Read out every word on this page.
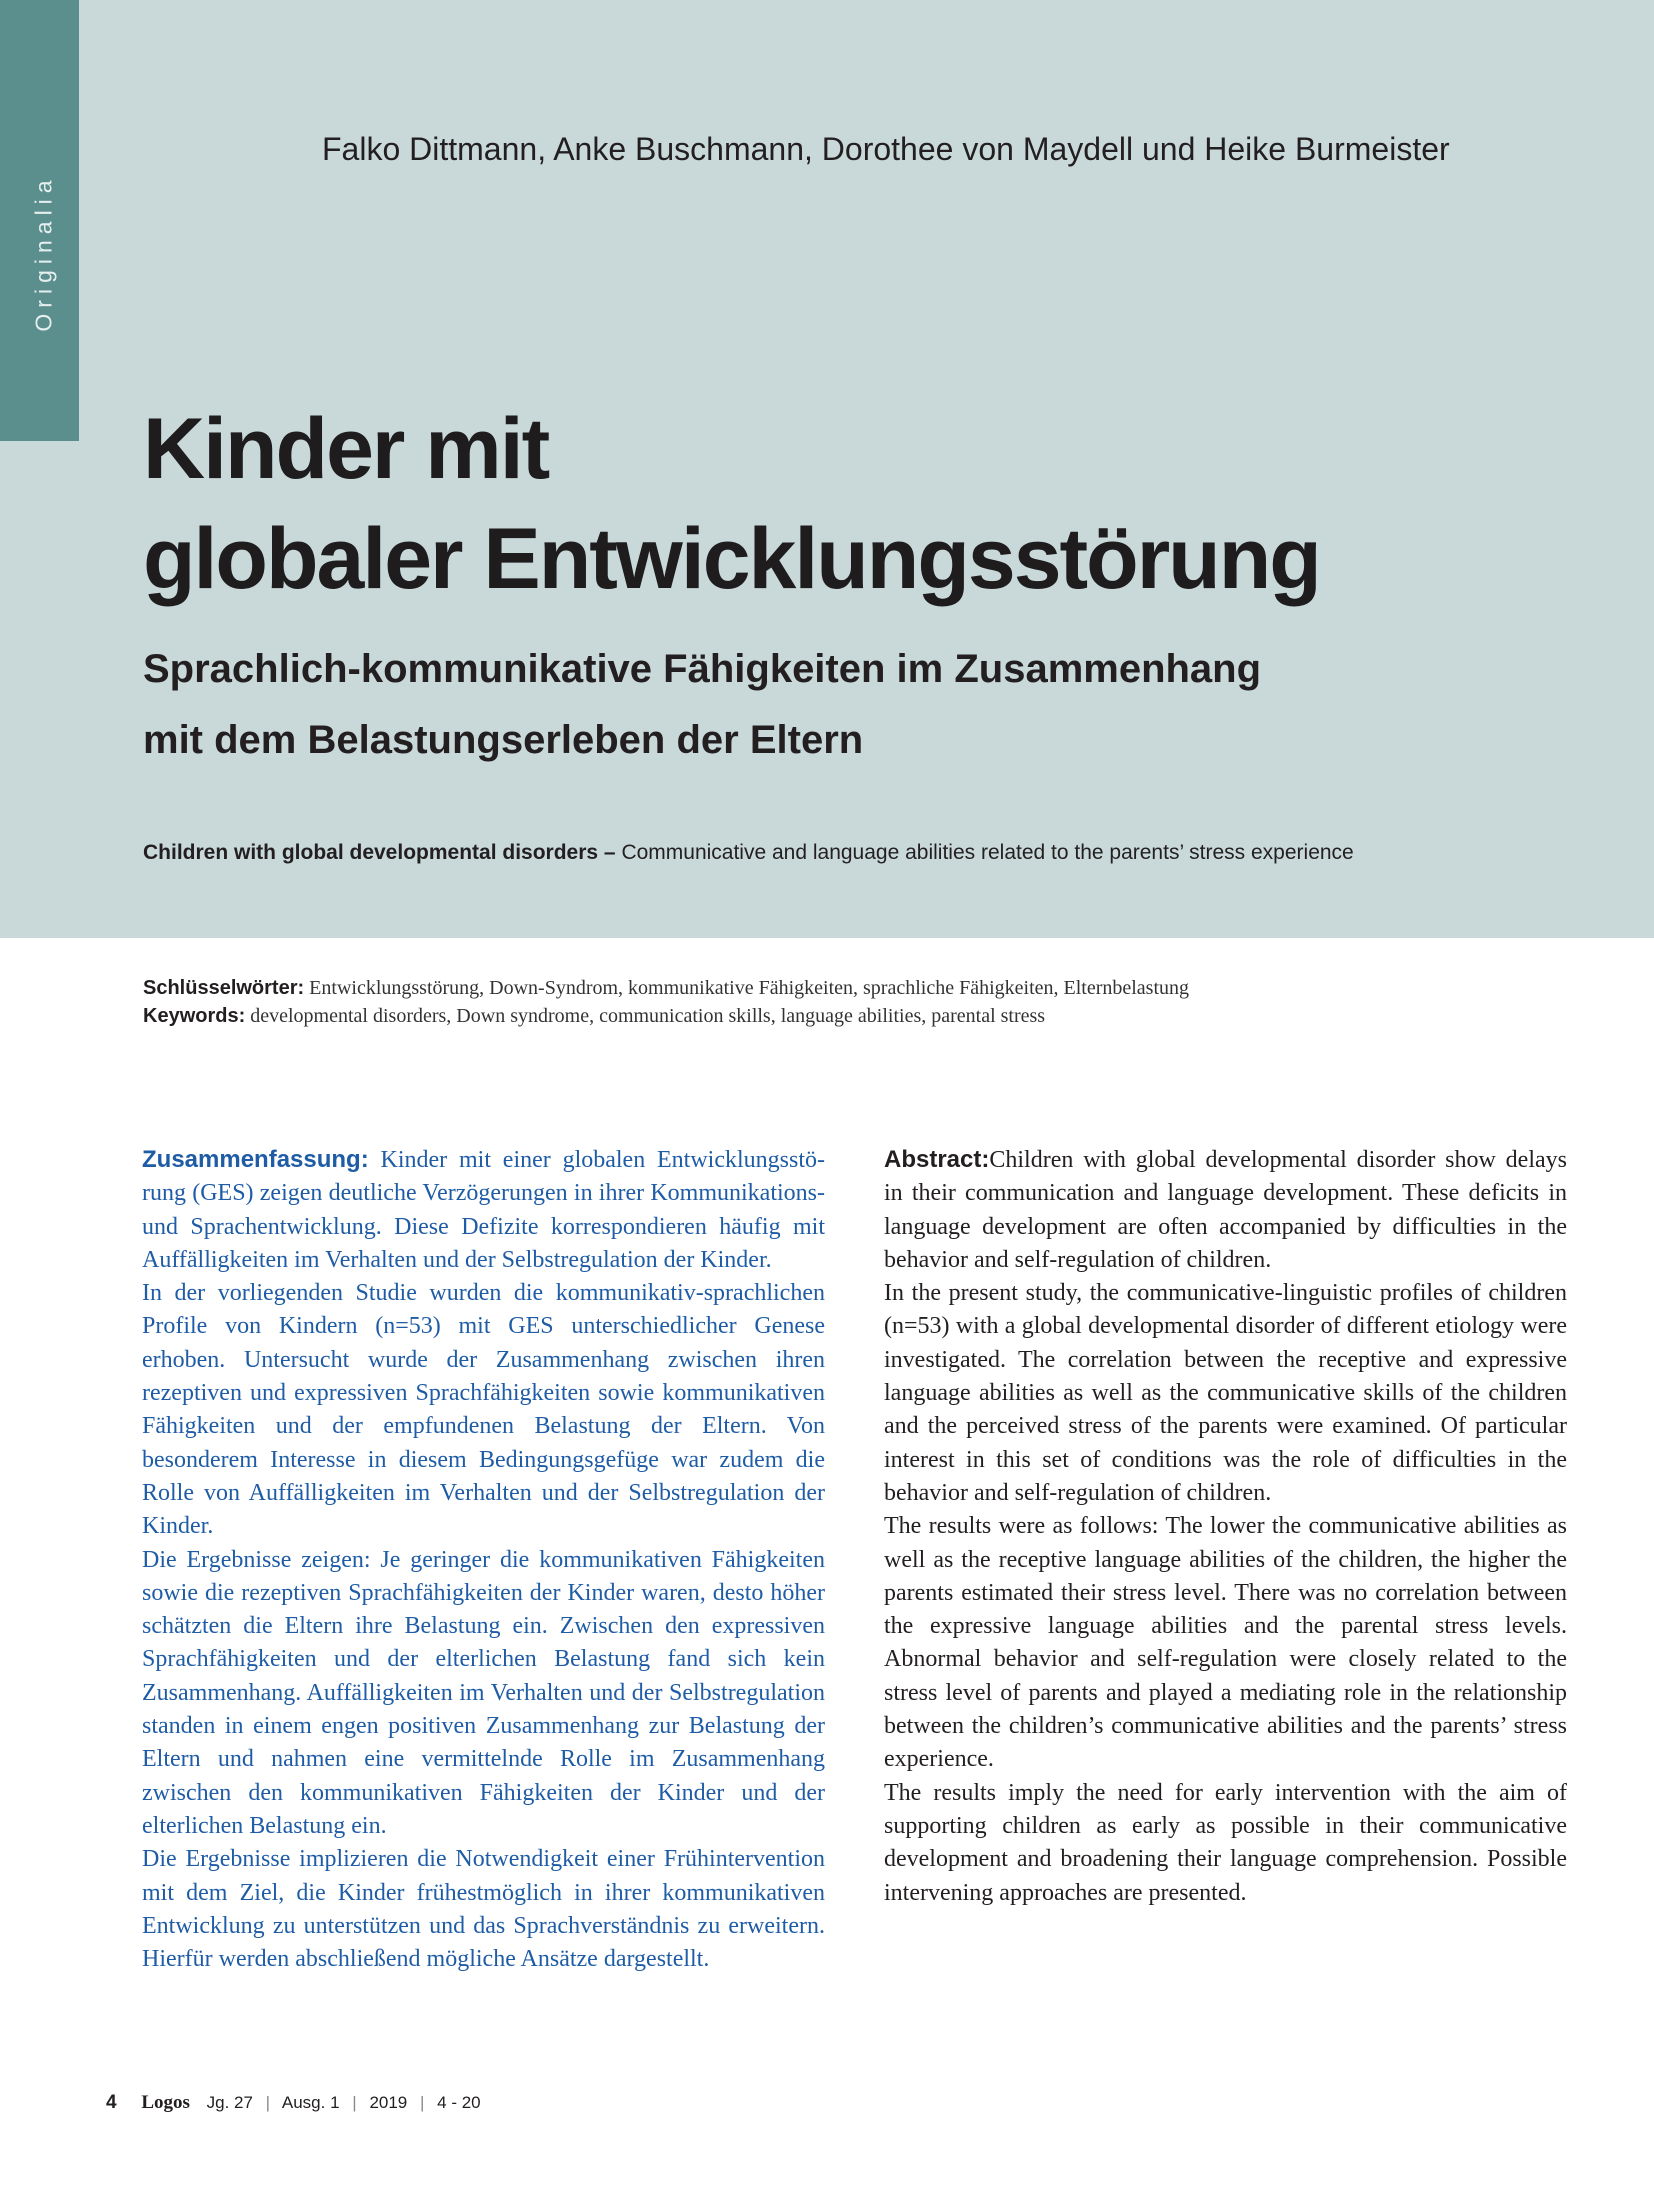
Originalia
Falko Dittmann, Anke Buschmann, Dorothee von Maydell und Heike Burmeister
Kinder mit
globaler Entwicklungsstörung
Sprachlich-kommunikative Fähigkeiten im Zusammenhang
mit dem Belastungserleben der Eltern
Children with global developmental disorders – Communicative and language abilities related to the parents’ stress experience
Schlüsselwörter: Entwicklungsstörung, Down-Syndrom, kommunikative Fähigkeiten, sprachliche Fähigkeiten, Elternbelastung
Keywords: developmental disorders, Down syndrome, communication skills, language abilities, parental stress

Zusammenfassung: Kinder mit einer globalen Entwicklungsstörung (GES) zeigen deutliche Verzögerungen in ihrer Kommunikations- und Sprachentwicklung. Diese Defizite korrespondieren häufig mit Auffälligkeiten im Verhalten und der Selbstregulation der Kinder.

In der vorliegenden Studie wurden die kommunikativ-sprachlichen Profile von Kindern (n=53) mit GES unterschiedlicher Genese erhoben. Untersucht wurde der Zusammenhang zwischen ihren rezeptiven und expressiven Sprachfähigkeiten sowie kommunikativen Fähigkeiten und der empfundenen Belastung der Eltern. Von besonderem Interesse in diesem Bedingungsgefüge war zudem die Rolle von Auffälligkeiten im Verhalten und der Selbstregulation der Kinder.

Die Ergebnisse zeigen: Je geringer die kommunikativen Fähigkeiten sowie die rezeptiven Sprachfähigkeiten der Kinder waren, desto höher schätzten die Eltern ihre Belastung ein. Zwischen den expressiven Sprachfähigkeiten und der elterlichen Belastung fand sich kein Zusammenhang. Auffälligkeiten im Verhalten und der Selbstregulation standen in einem engen positiven Zusammenhang zur Belastung der Eltern und nahmen eine vermittelnde Rolle im Zusammenhang zwischen den kommunikativen Fähigkeiten der Kinder und der elterlichen Belastung ein.

Die Ergebnisse implizieren die Notwendigkeit einer Frühintervention mit dem Ziel, die Kinder frühestmöglich in ihrer kommunikativen Entwicklung zu unterstützen und das Sprachverständnis zu erweitern. Hierfür werden abschließend mögliche Ansätze dargestellt.

Abstract:Children with global developmental disorder show delays in their communication and language development. These deficits in language development are often accompanied by difficulties in the behavior and self-regulation of children.

In the present study, the communicative-linguistic profiles of children (n=53) with a global developmental disorder of different etiology were investigated. The correlation between the receptive and expressive language abilities as well as the communicative skills of the children and the perceived stress of the parents were examined. Of particular interest in this set of conditions was the role of difficulties in the behavior and self-regulation of children.

The results were as follows: The lower the communicative abilities as well as the receptive language abilities of the children, the higher the parents estimated their stress level. There was no correlation between the expressive language abilities and the parental stress levels. Abnormal behavior and self-regulation were closely related to the stress level of parents and played a mediating role in the relationship between the children’s communicative abilities and the parents’ stress experience.

The results imply the need for early intervention with the aim of supporting children as early as possible in their communicative development and broadening their language comprehension. Possible intervening approaches are presented.

4 Logos Jg. 27 | Ausg. 1 | 2019 | 4 - 20
